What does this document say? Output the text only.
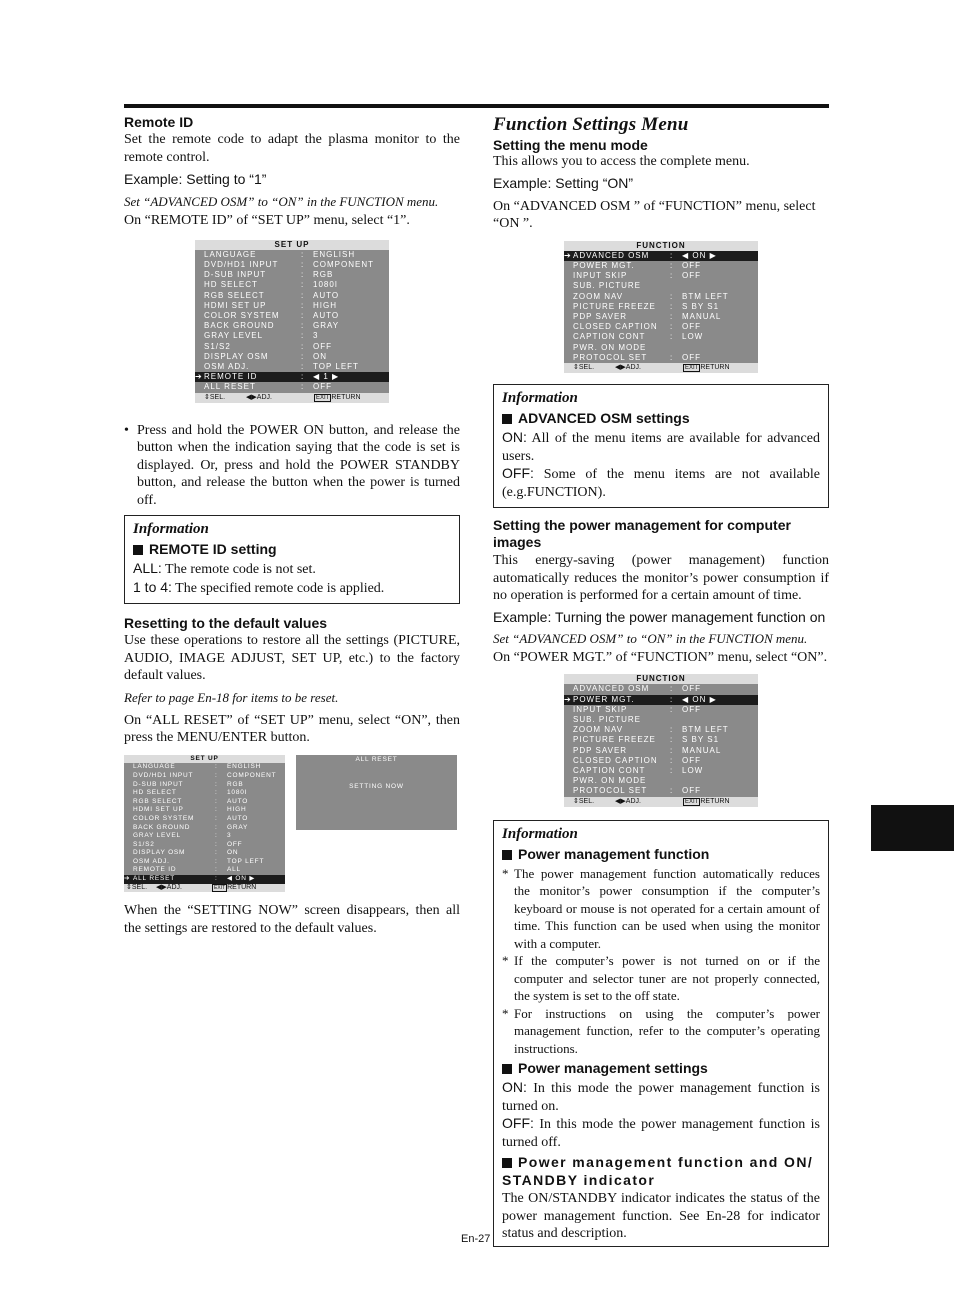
Remote ID

Set the remote code to adapt the plasma monitor to the remote control.

Example: Setting to “1”

Set “ADVANCED OSM” to “ON” in the FUNCTION menu.

On “REMOTE ID” of “SET UP” menu, select “1”.

SET UP
LANGUAGE	:	ENGLISH
DVD/HD1 INPUT	:	COMPONENT
D-SUB INPUT	:	RGB
HD SELECT	:	1080I
RGB SELECT	:	AUTO
HDMI SET UP	:	HIGH
COLOR SYSTEM	:	AUTO
BACK GROUND	:	GRAY
GRAY LEVEL	:	3
S1/S2	:	OFF
DISPLAY OSM	:	ON
OSM ADJ.	:	TOP LEFT
➔ REMOTE ID	:	◀ 1 ▶
ALL RESET	:	OFF
⇕SEL.	◀▶ADJ.	EXIT RETURN
• Press and hold the POWER ON button, and release the button when the indication saying that the code is set is displayed. Or, press and hold the POWER STANDBY button, and release the button when the power is turned off.

Information

REMOTE ID setting

ALL: The remote code is not set.

1 to 4: The specified remote code is applied.

Resetting to the default values

Use these operations to restore all the settings (PICTURE, AUDIO, IMAGE ADJUST, SET UP, etc.) to the factory default values.

Refer to page En-18 for items to be reset.

On “ALL RESET” of “SET UP” menu, select “ON”, then press the MENU/ENTER button.

SET UP
LANGUAGE	:	ENGLISH
DVD/HD1 INPUT	:	COMPONENT
D-SUB INPUT	:	RGB
HD SELECT	:	1080I
RGB SELECT	:	AUTO
HDMI SET UP	:	HIGH
COLOR SYSTEM	:	AUTO
BACK GROUND	:	GRAY
GRAY LEVEL	:	3
S1/S2	:	OFF
DISPLAY OSM	:	ON
OSM ADJ.	:	TOP LEFT
REMOTE ID	:	ALL
➔ ALL RESET	:	◀ ON ▶
⇕SEL.	◀▶ADJ.	EXIT RETURN
ALL RESET
SETTING NOW

When the “SETTING NOW” screen disappears, then all the settings are restored to the default values.

Function Settings Menu
Setting the menu mode

This allows you to access the complete menu.

Example: Setting “ON”

On “ADVANCED OSM ” of “FUNCTION” menu, select “ON ”.

FUNCTION
➔ ADVANCED OSM	:	◀ ON ▶
POWER MGT.	:	OFF
INPUT SKIP	:	OFF
SUB. PICTURE
ZOOM NAV	:	BTM LEFT
PICTURE FREEZE	:	S BY S1
PDP SAVER	:	MANUAL
CLOSED CAPTION	:	OFF
CAPTION CONT	:	LOW
PWR. ON MODE
PROTOCOL SET	:	OFF
⇕SEL.	◀▶ADJ.	EXIT RETURN

Information

ADVANCED OSM settings

ON: All of the menu items are available for advanced users.

OFF: Some of the menu items are not available (e.g.FUNCTION).

Setting the power management for computer images

This energy-saving (power management) function automatically reduces the monitor’s power consumption if no operation is performed for a certain amount of time.

Example: Turning the power management function on

Set “ADVANCED OSM” to “ON” in the FUNCTION menu.

On “POWER MGT.” of “FUNCTION” menu, select “ON”.

FUNCTION
ADVANCED OSM	:	OFF
➔ POWER MGT.	:	◀ ON ▶
INPUT SKIP	:	OFF
SUB. PICTURE
ZOOM NAV	:	BTM LEFT
PICTURE FREEZE	:	S BY S1
PDP SAVER	:	MANUAL
CLOSED CAPTION	:	OFF
CAPTION CONT	:	LOW
PWR. ON MODE
PROTOCOL SET	:	OFF
⇕SEL.	◀▶ADJ.	EXIT RETURN

Information

Power management function

* The power management function automatically reduces the monitor’s power consumption if the computer’s keyboard or mouse is not operated for a certain amount of time. This function can be used when using the monitor with a computer.
* If the computer’s power is not turned on or if the computer and selector tuner are not properly connected, the system is set to the off state.
* For instructions on using the computer’s power management function, refer to the computer’s operating instructions.

Power management settings

ON: In this mode the power management function is turned on.

OFF: In this mode the power management function is turned off.

Power management function and ON/ STANDBY indicator

The ON/STANDBY indicator indicates the status of the power management function. See En-28 for indicator status and description.

En-27
